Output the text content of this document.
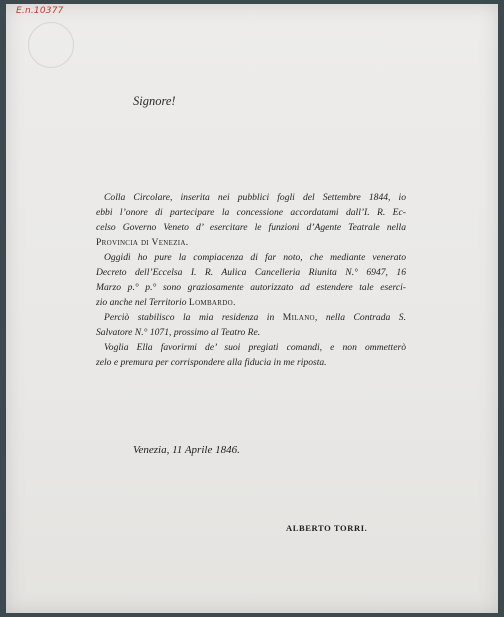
E.n.10377
Signore!
Colla Circolare, inserita nei pubblici fogli del Settembre 1844, io
ebbi l’onore di partecipare la concessione accordatami dall’I. R. Ec-
celso Governo Veneto d’ esercitare le funzioni d’Agente Teatrale nella
Provincia di Venezia.
Oggidì ho pure la compiacenza di far noto, che mediante venerato
Decreto dell’Eccelsa I. R. Aulica Cancelleria Riunita N.° 6947, 16
Marzo p.° p.° sono graziosamente autorizzato ad estendere tale eserci-
zio anche nel Territorio Lombardo.
Perciò stabilisco la mia residenza in Milano, nella Contrada S.
Salvatore N.° 1071, prossimo al Teatro Re.
Voglia Ella favorirmi de’ suoi pregiati comandi, e non ommetterò
zelo e premura per corrispondere alla fiducia in me riposta.
Venezia, 11 Aprile 1846.
ALBERTO TORRI.
